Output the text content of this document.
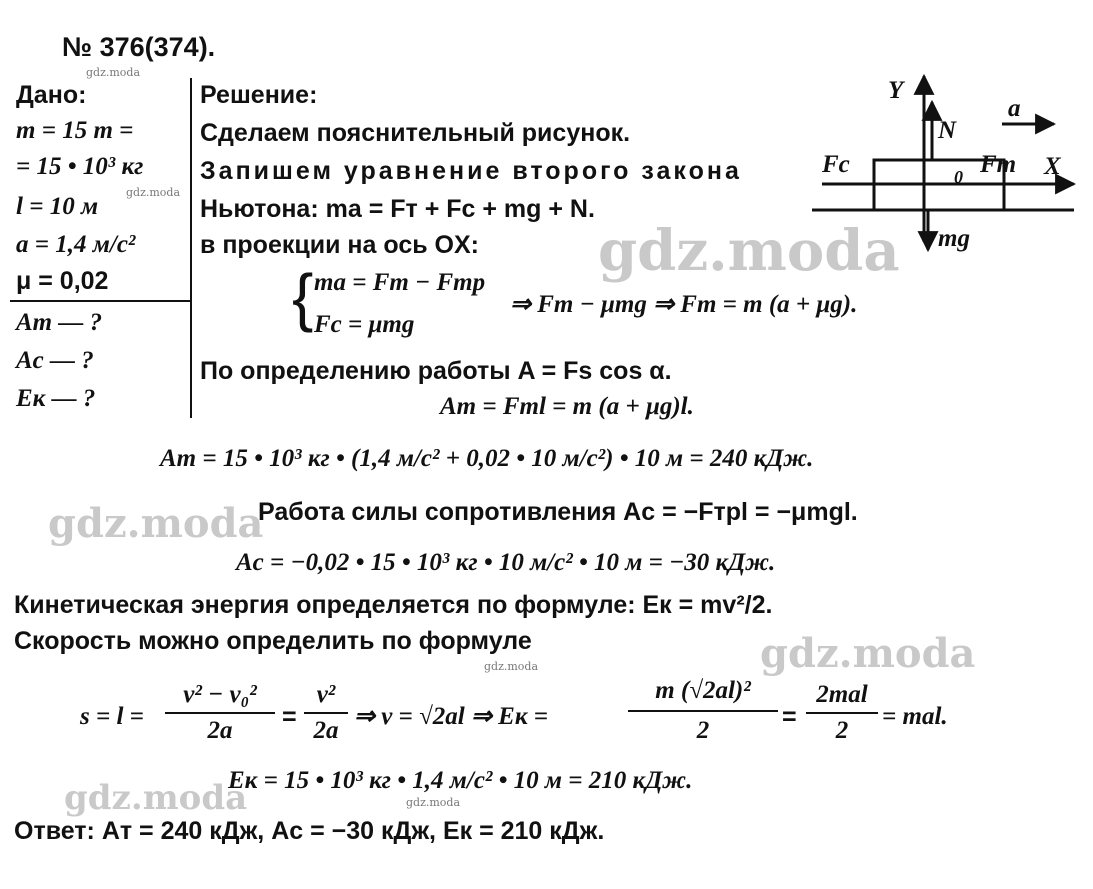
№ 376(374).
Дано:
m = 15 т =
= 15 • 10³ кг
l = 10 м
a = 1,4 м/с²
μ = 0,02
Aт — ?
Aс — ?
Eк — ?
Решение:
Сделаем пояснительный рисунок.
Запишем уравнение второго закона
Ньютона: ma = Fт + Fс + mg + N.
в проекции на ось OX:
{ ma = Fт − Fтр
Fс = μmg
⇒ Fт − μmg ⇒ Fт = m (a + μg).
По определению работы A = Fs cos α.
Aт = Fтl = m (a + μg)l.
Aт = 15 • 10³ кг • (1,4 м/с² + 0,02 • 10 м/с²) • 10 м = 240 кДж.
Работа силы сопротивления Aс = −Fтрl = −μmgl.
Aс = −0,02 • 15 • 10³ кг • 10 м/с² • 10 м = −30 кДж.
Кинетическая энергия определяется по формуле: Eк = mv²/2.
Скорость можно определить по формуле
s = l =
v² − v₀²
2a	=
v²
2a
⇒ v = √2al ⇒ Eк =
m (√2al)²
2	=
2mal
2
= mal.
Eк = 15 • 10³ кг • 1,4 м/с² • 10 м = 210 кДж.
Ответ: Aт = 240 кДж, Aс = −30 кДж, Eк = 210 кДж.
Y
N
a
Fс	0 Fт X
mg
gdz.moda
gdz.moda
gdz.moda
gdz.moda
gdz.moda
gdz.moda
gdz.moda
gdz.moda
